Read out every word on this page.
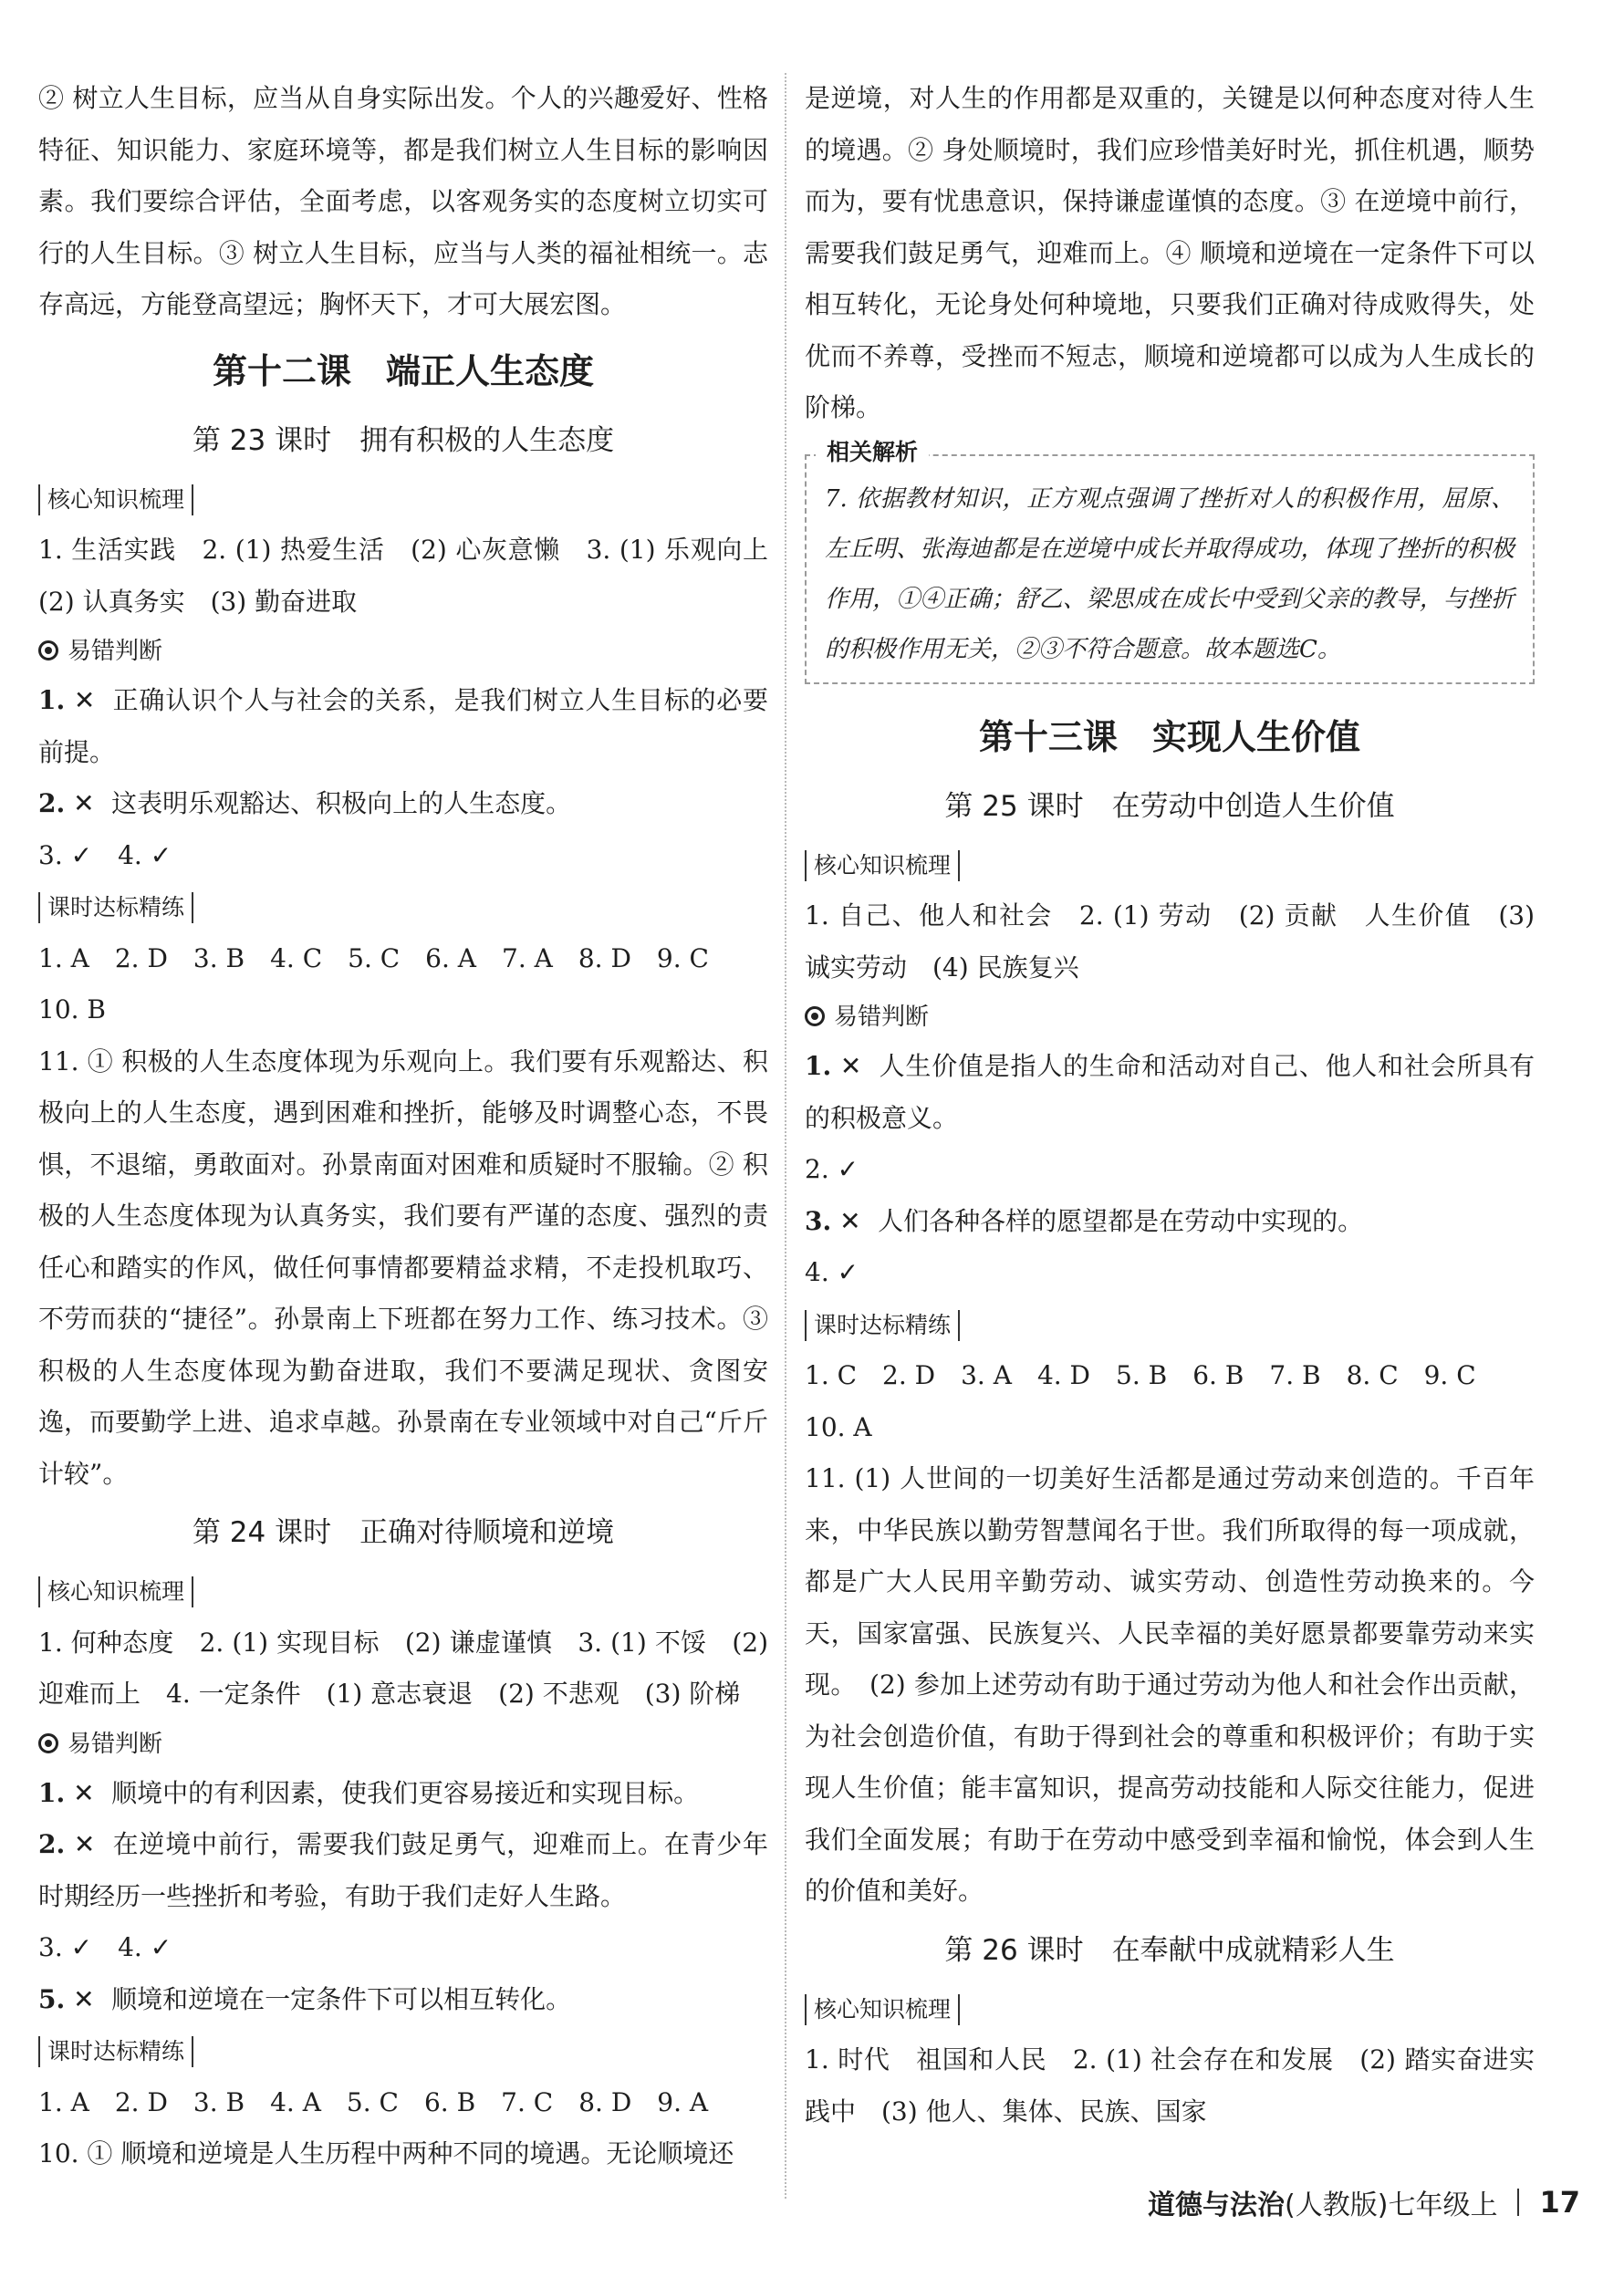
② 树立人生目标，应当从自身实际出发。个人的兴趣爱好、性格特征、知识能力、家庭环境等，都是我们树立人生目标的影响因素。我们要综合评估，全面考虑，以客观务实的态度树立切实可行的人生目标。③ 树立人生目标，应当与人类的福祉相统一。志存高远，方能登高望远；胸怀天下，才可大展宏图。

第十二课　端正人生态度
第 23 课时　拥有积极的人生态度
核心知识梳理

1. 生活实践　2. (1) 热爱生活　(2) 心灰意懒　3. (1) 乐观向上　(2) 认真务实　(3) 勤奋进取

易错判断

1. ✕ 正确认识个人与社会的关系，是我们树立人生目标的必要前提。

2. ✕ 这表明乐观豁达、积极向上的人生态度。

3. ✓　4. ✓

课时达标精练

1. A　2. D　3. B　4. C　5. C　6. A　7. A　8. D　9. C

10. B

11. ① 积极的人生态度体现为乐观向上。我们要有乐观豁达、积极向上的人生态度，遇到困难和挫折，能够及时调整心态，不畏惧，不退缩，勇敢面对。孙景南面对困难和质疑时不服输。② 积极的人生态度体现为认真务实，我们要有严谨的态度、强烈的责任心和踏实的作风，做任何事情都要精益求精，不走投机取巧、不劳而获的“捷径”。孙景南上下班都在努力工作、练习技术。③ 积极的人生态度体现为勤奋进取，我们不要满足现状、贪图安逸，而要勤学上进、追求卓越。孙景南在专业领域中对自己“斤斤计较”。

第 24 课时　正确对待顺境和逆境
核心知识梳理

1. 何种态度　2. (1) 实现目标　(2) 谦虚谨慎　3. (1) 不馁　(2) 迎难而上　4. 一定条件　(1) 意志衰退　(2) 不悲观　(3) 阶梯

易错判断

1. ✕ 顺境中的有利因素，使我们更容易接近和实现目标。

2. ✕ 在逆境中前行，需要我们鼓足勇气，迎难而上。在青少年时期经历一些挫折和考验，有助于我们走好人生路。

3. ✓　4. ✓

5. ✕ 顺境和逆境在一定条件下可以相互转化。

课时达标精练

1. A　2. D　3. B　4. A　5. C　6. B　7. C　8. D　9. A

10. ① 顺境和逆境是人生历程中两种不同的境遇。无论顺境还

是逆境，对人生的作用都是双重的，关键是以何种态度对待人生的境遇。② 身处顺境时，我们应珍惜美好时光，抓住机遇，顺势而为，要有忧患意识，保持谦虚谨慎的态度。③ 在逆境中前行，需要我们鼓足勇气，迎难而上。④ 顺境和逆境在一定条件下可以相互转化，无论身处何种境地，只要我们正确对待成败得失，处优而不养尊，受挫而不短志，顺境和逆境都可以成为人生成长的阶梯。

相关解析

7. 依据教材知识，正方观点强调了挫折对人的积极作用，屈原、左丘明、张海迪都是在逆境中成长并取得成功，体现了挫折的积极作用，①④正确；舒乙、梁思成在成长中受到父亲的教导，与挫折的积极作用无关，②③不符合题意。故本题选C。

第十三课　实现人生价值
第 25 课时　在劳动中创造人生价值
核心知识梳理

1. 自己、他人和社会　2. (1) 劳动　(2) 贡献　人生价值　(3) 诚实劳动　(4) 民族复兴

易错判断

1. ✕ 人生价值是指人的生命和活动对自己、他人和社会所具有的积极意义。

2. ✓

3. ✕ 人们各种各样的愿望都是在劳动中实现的。

4. ✓

课时达标精练

1. C　2. D　3. A　4. D　5. B　6. B　7. B　8. C　9. C

10. A

11. (1) 人世间的一切美好生活都是通过劳动来创造的。千百年来，中华民族以勤劳智慧闻名于世。我们所取得的每一项成就，都是广大人民用辛勤劳动、诚实劳动、创造性劳动换来的。今天，国家富强、民族复兴、人民幸福的美好愿景都要靠劳动来实现。　(2) 参加上述劳动有助于通过劳动为他人和社会作出贡献，为社会创造价值，有助于得到社会的尊重和积极评价；有助于实现人生价值；能丰富知识，提高劳动技能和人际交往能力，促进我们全面发展；有助于在劳动中感受到幸福和愉悦，体会到人生的价值和美好。

第 26 课时　在奉献中成就精彩人生
核心知识梳理

1. 时代　祖国和人民　2. (1) 社会存在和发展　(2) 踏实奋进实践中　(3) 他人、集体、民族、国家

道德与法治 (人教版)七年级上 17
